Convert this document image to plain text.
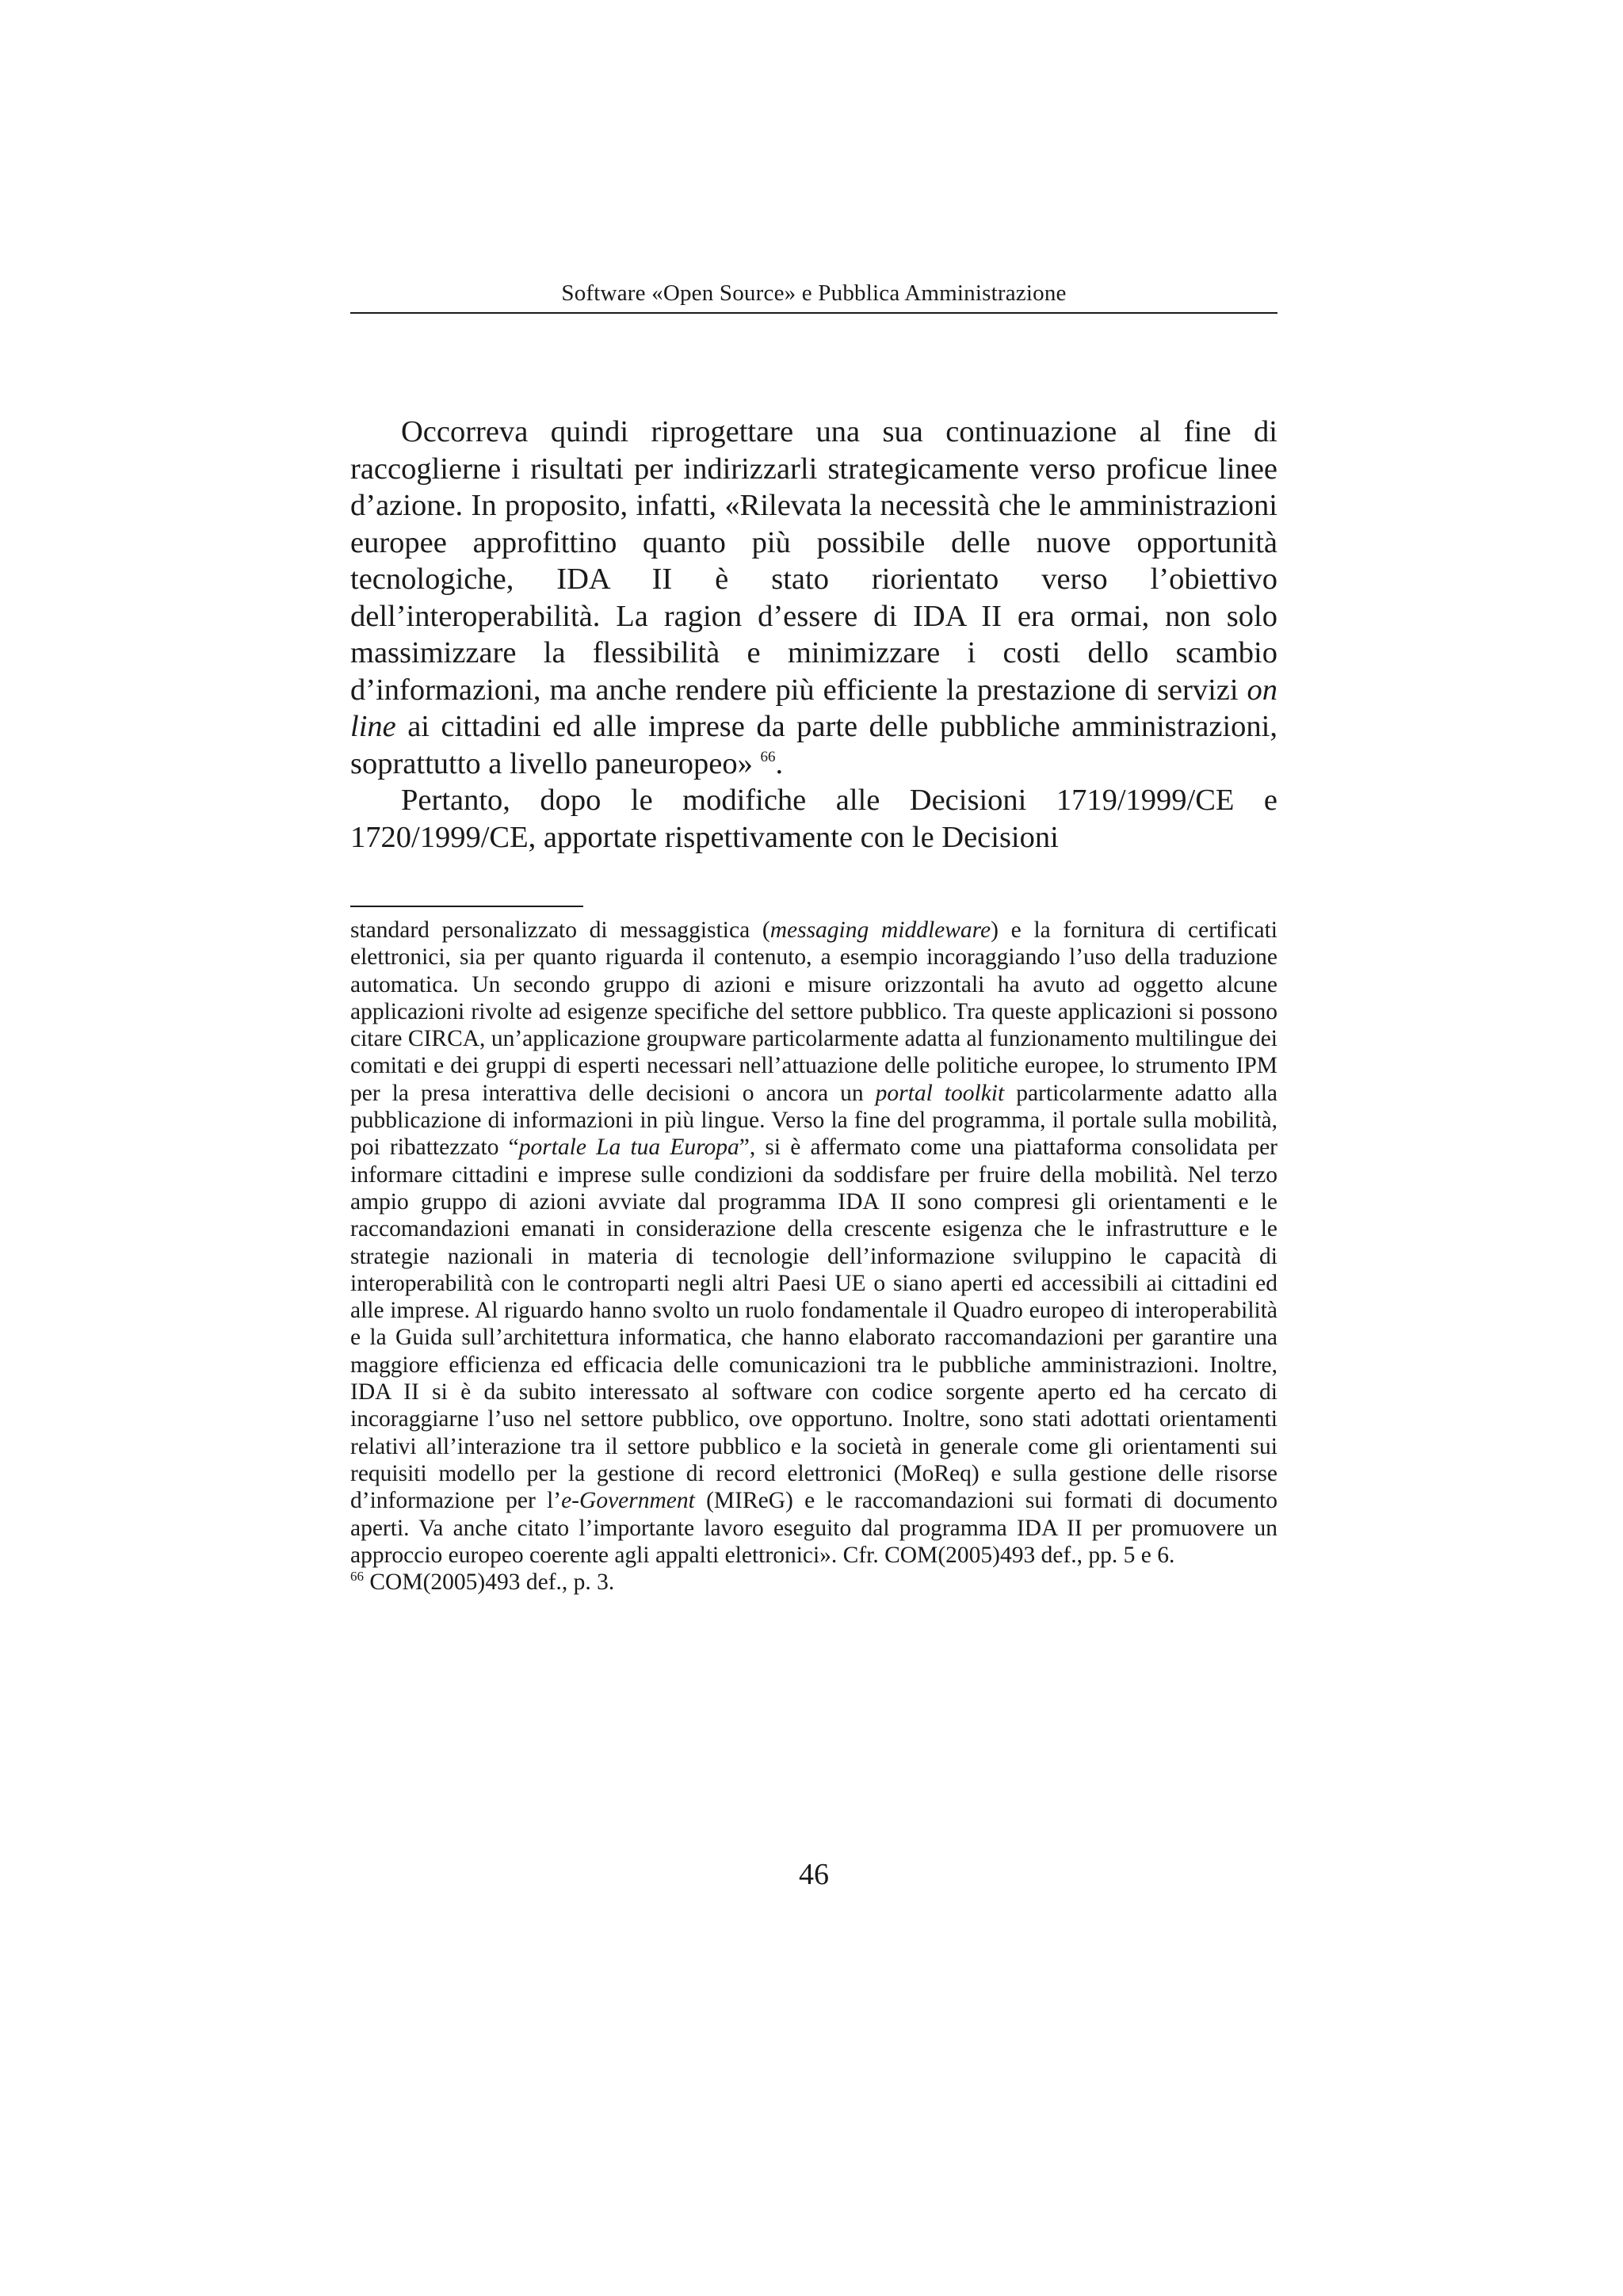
Software «Open Source» e Pubblica Amministrazione

Occorreva quindi riprogettare una sua continuazione al fine di raccoglierne i risultati per indirizzarli strategicamente verso proficue linee d’azione. In proposito, infatti, «Rilevata la necessità che le amministrazioni europee approfittino quanto più possibile delle nuove opportunità tecnologiche, IDA II è stato riorientato verso l’obiettivo dell’interoperabilità. La ragion d’essere di IDA II era ormai, non solo massimizzare la flessibilità e minimizzare i costi dello scambio d’informazioni, ma anche rendere più efficiente la prestazione di servizi on line ai cittadini ed alle imprese da parte delle pubbliche amministrazioni, soprattutto a livello paneuropeo» $^{66}$.

Pertanto, dopo le modifiche alle Decisioni 1719/1999/CE e 1720/1999/CE, apportate rispettivamente con le Decisioni

standard personalizzato di messaggistica (messaging middleware) e la fornitura di certificati elettronici, sia per quanto riguarda il contenuto, a esempio incoraggiando l’uso della traduzione automatica. Un secondo gruppo di azioni e misure orizzontali ha avuto ad oggetto alcune applicazioni rivolte ad esigenze specifiche del settore pubblico. Tra queste applicazioni si possono citare CIRCA, un’applicazione groupware particolarmente adatta al funzionamento multilingue dei comitati e dei gruppi di esperti necessari nell’attuazione delle politiche europee, lo strumento IPM per la presa interattiva delle decisioni o ancora un portal toolkit particolarmente adatto alla pubblicazione di informazioni in più lingue. Verso la fine del programma, il portale sulla mobilità, poi ribattezzato “portale La tua Europa”, si è affermato come una piattaforma consolidata per informare cittadini e imprese sulle condizioni da soddisfare per fruire della mobilità. Nel terzo ampio gruppo di azioni avviate dal programma IDA II sono compresi gli orientamenti e le raccomandazioni emanati in considerazione della crescente esigenza che le infrastrutture e le strategie nazionali in materia di tecnologie dell’informazione sviluppino le capacità di interoperabilità con le controparti negli altri Paesi UE o siano aperti ed accessibili ai cittadini ed alle imprese. Al riguardo hanno svolto un ruolo fondamentale il Quadro europeo di interoperabilità e la Guida sull’architettura informatica, che hanno elaborato raccomandazioni per garantire una maggiore efficienza ed efficacia delle comunicazioni tra le pubbliche amministrazioni. Inoltre, IDA II si è da subito interessato al software con codice sorgente aperto ed ha cercato di incoraggiarne l’uso nel settore pubblico, ove opportuno. Inoltre, sono stati adottati orientamenti relativi all’interazione tra il settore pubblico e la società in generale come gli orientamenti sui requisiti modello per la gestione di record elettronici (MoReq) e sulla gestione delle risorse d’informazione per l’e-Government (MIReG) e le raccomandazioni sui formati di documento aperti. Va anche citato l’importante lavoro eseguito dal programma IDA II per promuovere un approccio europeo coerente agli appalti elettronici». Cfr. COM(2005)493 def., pp. 5 e 6.

$^{66}$ COM(2005)493 def., p. 3.

46
